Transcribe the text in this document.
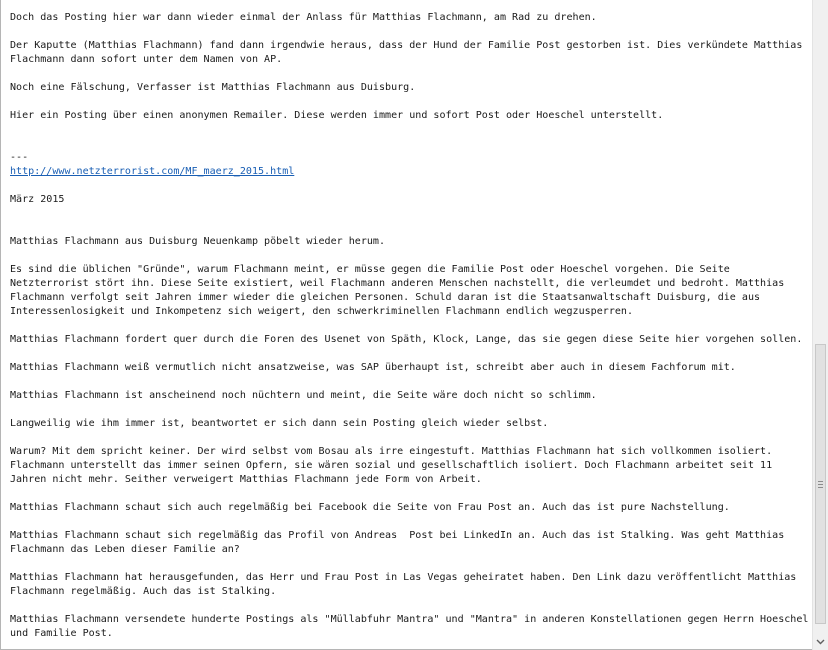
Doch das Posting hier war dann wieder einmal der Anlass für Matthias Flachmann, am Rad zu drehen.

Der Kaputte (Matthias Flachmann) fand dann irgendwie heraus, dass der Hund der Familie Post gestorben ist. Dies verkündete Matthias

Flachmann dann sofort unter dem Namen von AP.

Noch eine Fälschung, Verfasser ist Matthias Flachmann aus Duisburg.

Hier ein Posting über einen anonymen Remailer. Diese werden immer und sofort Post oder Hoeschel unterstellt.

---

http://www.netzterrorist.com/MF_maerz_2015.html

März 2015

Matthias Flachmann aus Duisburg Neuenkamp pöbelt wieder herum.

Es sind die üblichen "Gründe", warum Flachmann meint, er müsse gegen die Familie Post oder Hoeschel vorgehen. Die Seite

Netzterrorist stört ihn. Diese Seite existiert, weil Flachmann anderen Menschen nachstellt, die verleumdet und bedroht. Matthias

Flachmann verfolgt seit Jahren immer wieder die gleichen Personen. Schuld daran ist die Staatsanwaltschaft Duisburg, die aus

Interessenlosigkeit und Inkompetenz sich weigert, den schwerkriminellen Flachmann endlich wegzusperren.

Matthias Flachmann fordert quer durch die Foren des Usenet von Späth, Klock, Lange, das sie gegen diese Seite hier vorgehen sollen.

Matthias Flachmann weiß vermutlich nicht ansatzweise, was SAP überhaupt ist, schreibt aber auch in diesem Fachforum mit.

Matthias Flachmann ist anscheinend noch nüchtern und meint, die Seite wäre doch nicht so schlimm.

Langweilig wie ihm immer ist, beantwortet er sich dann sein Posting gleich wieder selbst.

Warum? Mit dem spricht keiner. Der wird selbst vom Bosau als irre eingestuft. Matthias Flachmann hat sich vollkommen isoliert.

Flachmann unterstellt das immer seinen Opfern, sie wären sozial und gesellschaftlich isoliert. Doch Flachmann arbeitet seit 11

Jahren nicht mehr. Seither verweigert Matthias Flachmann jede Form von Arbeit.

Matthias Flachmann schaut sich auch regelmäßig bei Facebook die Seite von Frau Post an. Auch das ist pure Nachstellung.

Matthias Flachmann schaut sich regelmäßig das Profil von Andreas  Post bei LinkedIn an. Auch das ist Stalking. Was geht Matthias

Flachmann das Leben dieser Familie an?

Matthias Flachmann hat herausgefunden, das Herr und Frau Post in Las Vegas geheiratet haben. Den Link dazu veröffentlicht Matthias

Flachmann regelmäßig. Auch das ist Stalking.

Matthias Flachmann versendete hunderte Postings als "Müllabfuhr Mantra" und "Mantra" in anderen Konstellationen gegen Herrn Hoeschel

und Familie Post.
